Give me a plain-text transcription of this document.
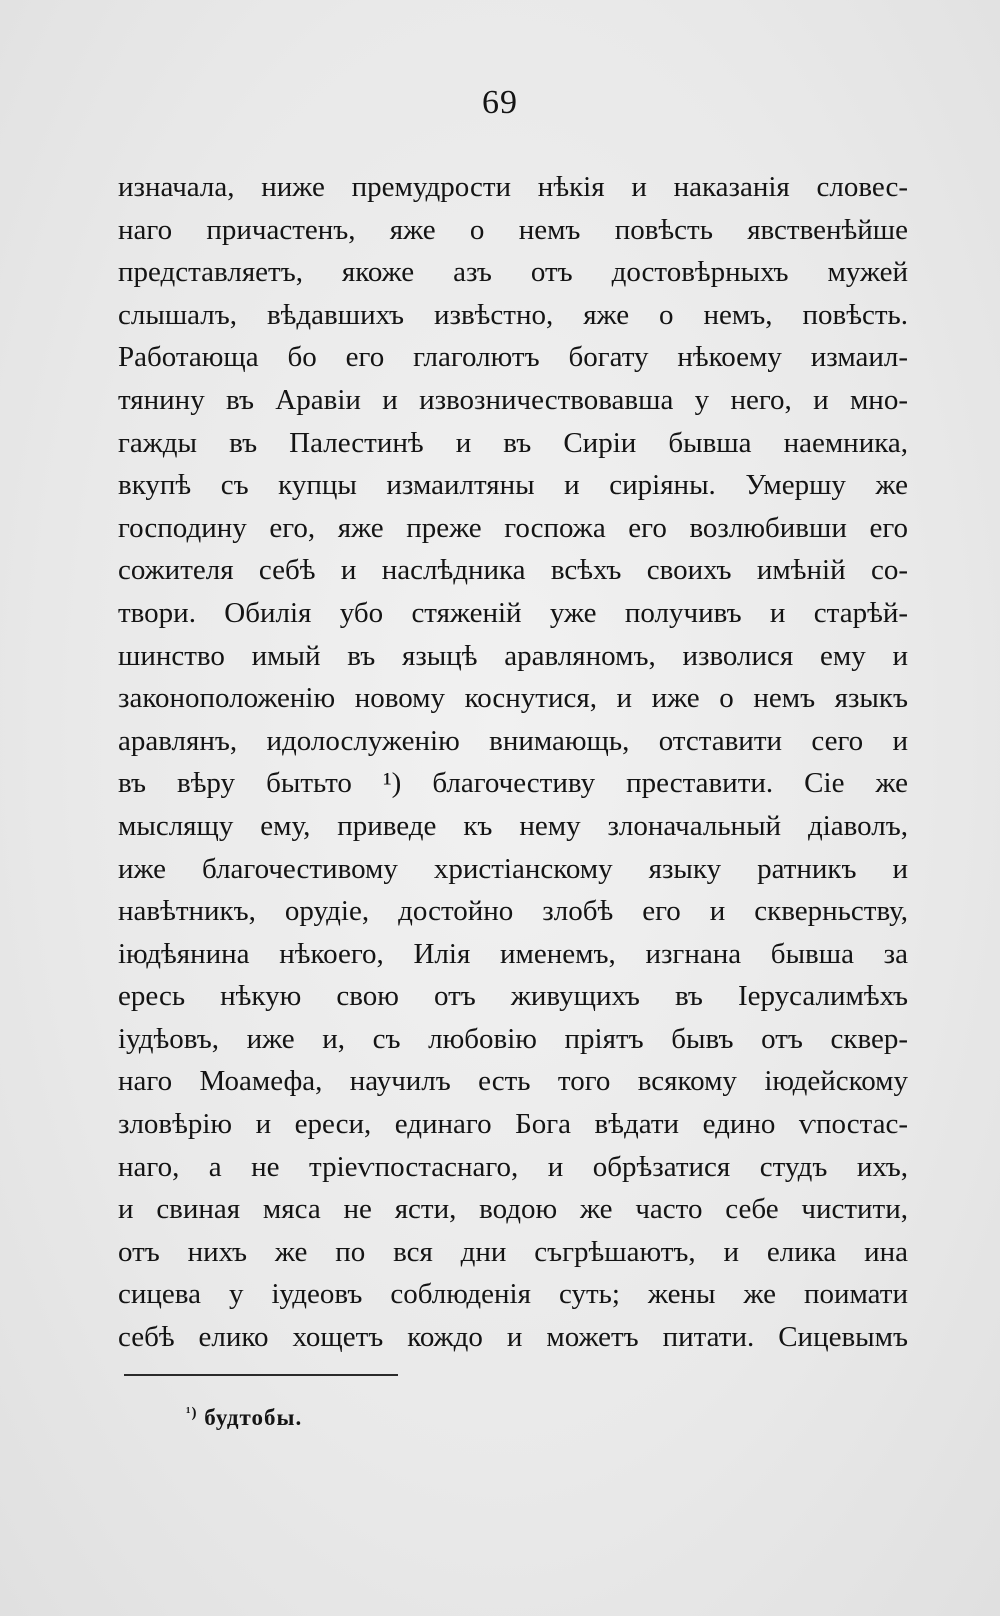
69
изначала, ниже премудрости нѣкія и наказанія словес-
наго причастенъ, яже о немъ повѣсть явственѣйше
представляетъ, якоже азъ отъ достовѣрныхъ мужей
слышалъ, вѣдавшихъ извѣстно, яже о немъ, повѣсть.
Работающа бо его глаголютъ богату нѣкоему измаил-
тянину въ Аравіи и извозничествовавша у него, и мно-
гажды въ Палестинѣ и въ Сиріи бывша наемника,
вкупѣ съ купцы измаилтяны и сиріяны. Умершу же
господину его, яже преже госпожа его возлюбивши его
сожителя себѣ и наслѣдника всѣхъ своихъ имѣній со-
твори. Обилія убо стяженій уже получивъ и старѣй-
шинство имый въ языцѣ аравляномъ, изволися ему и
законоположенію новому коснутися, и иже о немъ языкъ
аравлянъ, идолослуженію внимающь, отставити сего и
въ вѣру бытьто ¹) благочестиву преставити. Сіе же
мыслящу ему, приведе къ нему злоначальный діаволъ,
иже благочестивому христіанскому языку ратникъ и
навѣтникъ, орудіе, достойно злобѣ его и скверньству,
іюдѣянина нѣкоего, Илія именемъ, изгнана бывша за
ересь нѣкую свою отъ живущихъ въ Іерусалимѣхъ
іудѣовъ, иже и, съ любовію пріятъ бывъ отъ сквер-
наго Моамефа, научилъ есть того всякому іюдейскому
зловѣрію и ереси, единаго Бога вѣдати едино ѵпостас-
наго, а не тріеѵпостаснаго, и обрѣзатися студъ ихъ,
и свиная мяса не ясти, водою же часто себе чистити,
отъ нихъ же по вся дни съгрѣшаютъ, и елика ина
сицева у іудеовъ соблюденія суть; жены же поимати
себѣ елико хощетъ кождо и можетъ питати. Сицевымъ
$^{^1)}$ будтобы.
